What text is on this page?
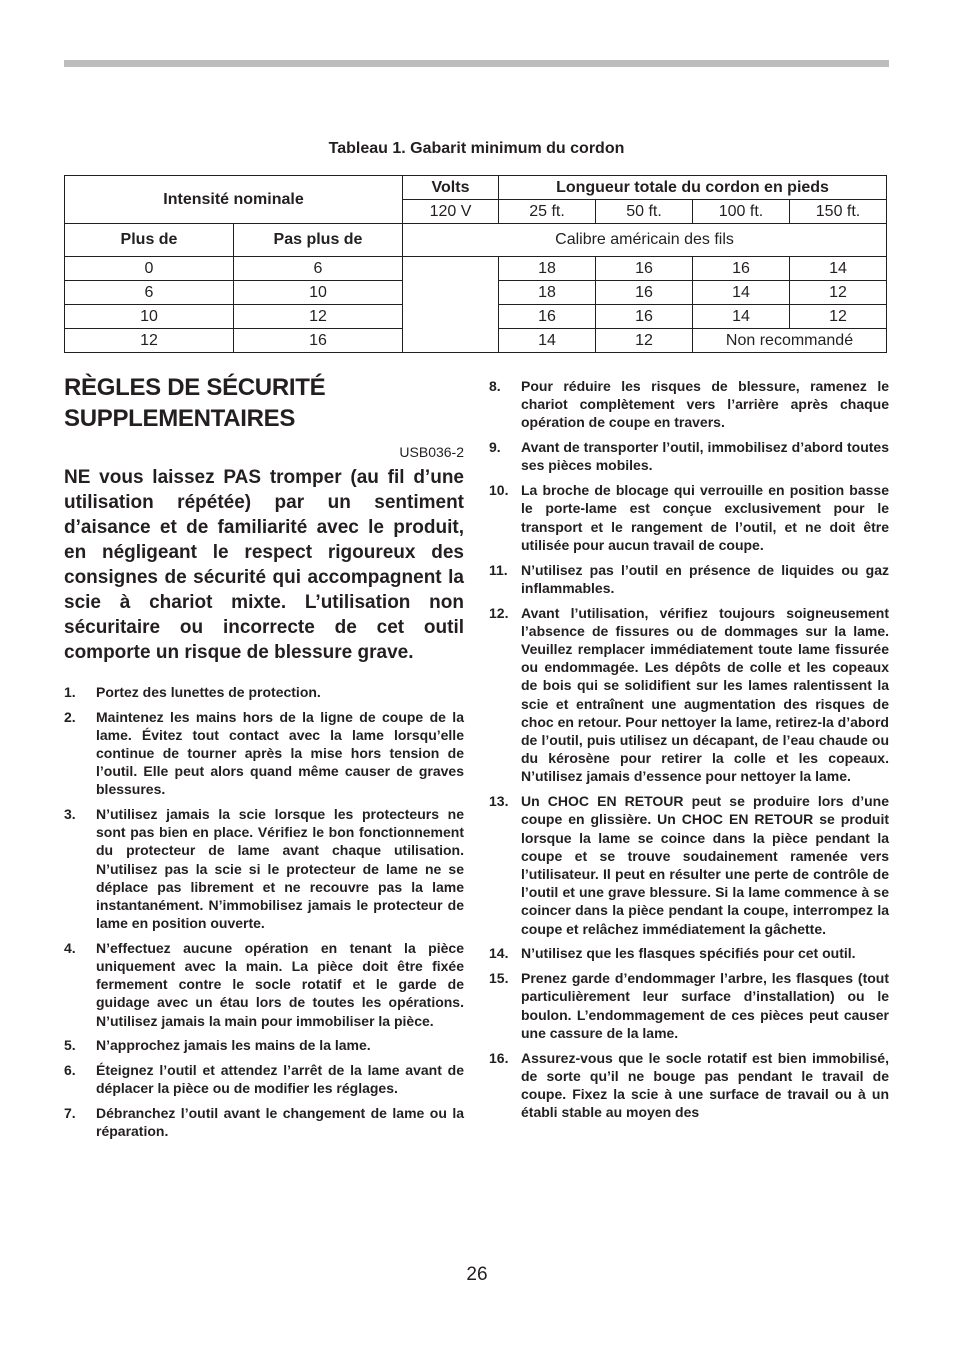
Tableau 1. Gabarit minimum du cordon
Intensité nominale		Volts	Longueur totale du cordon en pieds			
		120 V	25 ft.	50 ft.	100 ft.	150 ft.
Plus de	Pas plus de	Calibre américain des fils				
0	6		18	16	16	14
6	10		18	16	14	12
10	12		16	16	14	12
12	16		14	12	Non recommandé	
RÈGLES DE SÉCURITÉ
SUPPLEMENTAIRES
USB036-2
NE vous laissez PAS tromper (au fil d’une utilisation répétée) par un sentiment d’aisance et de familiarité avec le produit, en négligeant le respect rigoureux des consignes de sécurité qui accompagnent la scie à chariot mixte. L’utilisation non sécuritaire ou incorrecte de cet outil comporte un risque de blessure grave.
1.	Portez des lunettes de protection.
2.	Maintenez les mains hors de la ligne de coupe de la lame. Évitez tout contact avec la lame lorsqu’elle continue de tourner après la mise hors tension de l’outil. Elle peut alors quand même causer de graves blessures.
3.	N’utilisez jamais la scie lorsque les protecteurs ne sont pas bien en place. Vérifiez le bon fonctionnement du protecteur de lame avant chaque utilisation. N’utilisez pas la scie si le protecteur de lame ne se déplace pas librement et ne recouvre pas la lame instantanément. N’immobilisez jamais le protecteur de lame en position ouverte.
4.	N’effectuez aucune opération en tenant la pièce uniquement avec la main. La pièce doit être fixée fermement contre le socle rotatif et le garde de guidage avec un étau lors de toutes les opérations. N’utilisez jamais la main pour immobiliser la pièce.
5.	N’approchez jamais les mains de la lame.
6.	Éteignez l’outil et attendez l’arrêt de la lame avant de déplacer la pièce ou de modifier les réglages.
7.	Débranchez l’outil avant le changement de lame ou la réparation.
8.	Pour réduire les risques de blessure, ramenez le chariot complètement vers l’arrière après chaque opération de coupe en travers.
9.	Avant de transporter l’outil, immobilisez d’abord toutes ses pièces mobiles.
10. La broche de blocage qui verrouille en position basse le porte-lame est conçue exclusivement pour le transport et le rangement de l’outil, et ne doit être utilisée pour aucun travail de coupe.
11. N’utilisez pas l’outil en présence de liquides ou gaz inflammables.
12. Avant l’utilisation, vérifiez toujours soigneusement l’absence de fissures ou de dommages sur la lame. Veuillez remplacer immédiatement toute lame fissurée ou endommagée. Les dépôts de colle et les copeaux de bois qui se solidifient sur les lames ralentissent la scie et entraînent une augmentation des risques de choc en retour. Pour nettoyer la lame, retirez-la d’abord de l’outil, puis utilisez un décapant, de l’eau chaude ou du kérosène pour retirer la colle et les copeaux. N’utilisez jamais d’essence pour nettoyer la lame.
13. Un CHOC EN RETOUR peut se produire lors d’une coupe en glissière. Un CHOC EN RETOUR se produit lorsque la lame se coince dans la pièce pendant la coupe et se trouve soudainement ramenée vers l’utilisateur. Il peut en résulter une perte de contrôle de l’outil et une grave blessure. Si la lame commence à se coincer dans la pièce pendant la coupe, interrompez la coupe et relâchez immédiatement la gâchette.
14. N’utilisez que les flasques spécifiés pour cet outil.
15. Prenez garde d’endommager l’arbre, les flasques (tout particulièrement leur surface d’installation) ou le boulon. L’endommagement de ces pièces peut causer une cassure de la lame.
16. Assurez-vous que le socle rotatif est bien immobilisé, de sorte qu’il ne bouge pas pendant le travail de coupe. Fixez la scie à une surface de travail ou à un établi stable au moyen des
26
